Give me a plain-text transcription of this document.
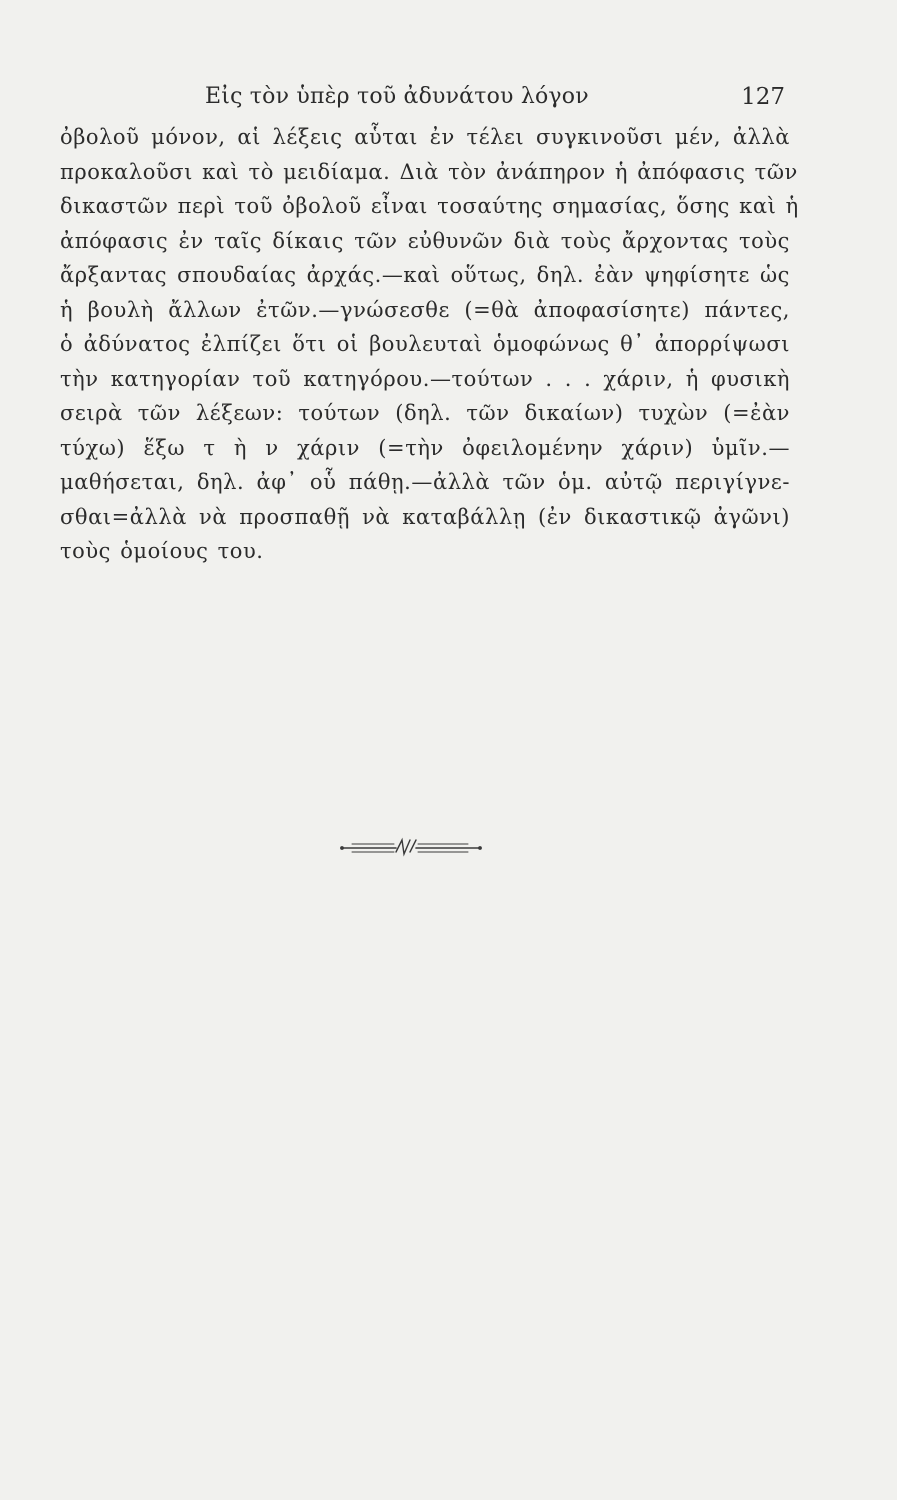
Εἰς τὸν ὑπὲρ τοῦ ἀδυνάτου λόγον	127
ὀβολοῦ μόνον, αἱ λέξεις αὗται ἐν τέλει συγκινοῦσι μέν, ἀλλὰ
προκαλοῦσι καὶ τὸ μειδίαμα. Διὰ τὸν ἀνάπηρον ἡ ἀπόφασις τῶν
δικαστῶν περὶ τοῦ ὀβολοῦ εἶναι τοσαύτης σημασίας, ὅσης καὶ ἡ
ἀπόφασις ἐν ταῖς δίκαις τῶν εὐθυνῶν διὰ τοὺς ἄρχοντας τοὺς
ἄρξαντας σπουδαίας ἀρχάς.—καὶ οὕτως, δηλ. ἐὰν ψηφίσητε ὡς
ἡ βουλὴ ἄλλων ἐτῶν.—γνώσεσθε (=θὰ ἀποφασίσητε) πάντες,
ὁ ἀδύνατος ἐλπίζει ὅτι οἱ βουλευταὶ ὁμοφώνως θ᾽ ἀπορρίψωσι
τὴν κατηγορίαν τοῦ κατηγόρου.—τούτων . . . χάριν, ἡ φυσικὴ
σειρὰ τῶν λέξεων: τούτων (δηλ. τῶν δικαίων) τυχὼν (=ἐὰν
τύχω) ἕξω τ ὴ ν χάριν (=τὴν ὀφειλομένην χάριν) ὑμῖν.—
μαθήσεται, δηλ. ἀφ᾽ οὗ πάθῃ.—ἀλλὰ τῶν ὁμ. αὐτῷ περιγίγνε-
σθαι=ἀλλὰ νὰ προσπαθῇ νὰ καταβάλλῃ (ἐν δικαστικῷ ἀγῶνι)
τοὺς ὁμοίους του.
